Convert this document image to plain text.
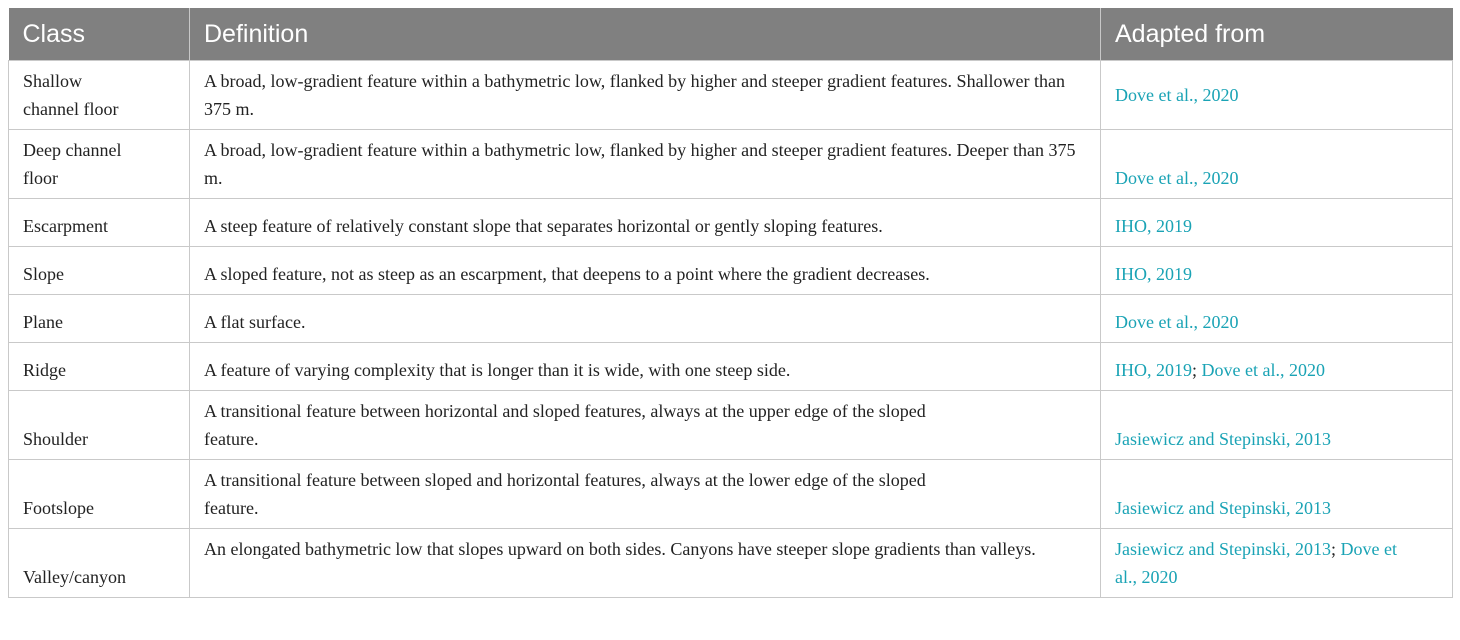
Class	Definition	Adapted from
Shallow channel floor	A broad, low-gradient feature within a bathymetric low, flanked by higher and steeper gradient features. Shallower than 375 m.	Dove et al., 2020
Deep channel floor	A broad, low-gradient feature within a bathymetric low, flanked by higher and steeper gradient features. Deeper than 375 m.	Dove et al., 2020
Escarpment	A steep feature of relatively constant slope that separates horizontal or gently sloping features.	IHO, 2019
Slope	A sloped feature, not as steep as an escarpment, that deepens to a point where the gradient decreases.	IHO, 2019
Plane	A flat surface.	Dove et al., 2020
Ridge	A feature of varying complexity that is longer than it is wide, with one steep side.	IHO, 2019; Dove et al., 2020
Shoulder	A transitional feature between horizontal and sloped features, always at the upper edge of the sloped feature.	Jasiewicz and Stepinski, 2013
Footslope	A transitional feature between sloped and horizontal features, always at the lower edge of the sloped feature.	Jasiewicz and Stepinski, 2013
Valley/canyon	An elongated bathymetric low that slopes upward on both sides. Canyons have steeper slope gradients than valleys.	Jasiewicz and Stepinski, 2013; Dove et al., 2020
